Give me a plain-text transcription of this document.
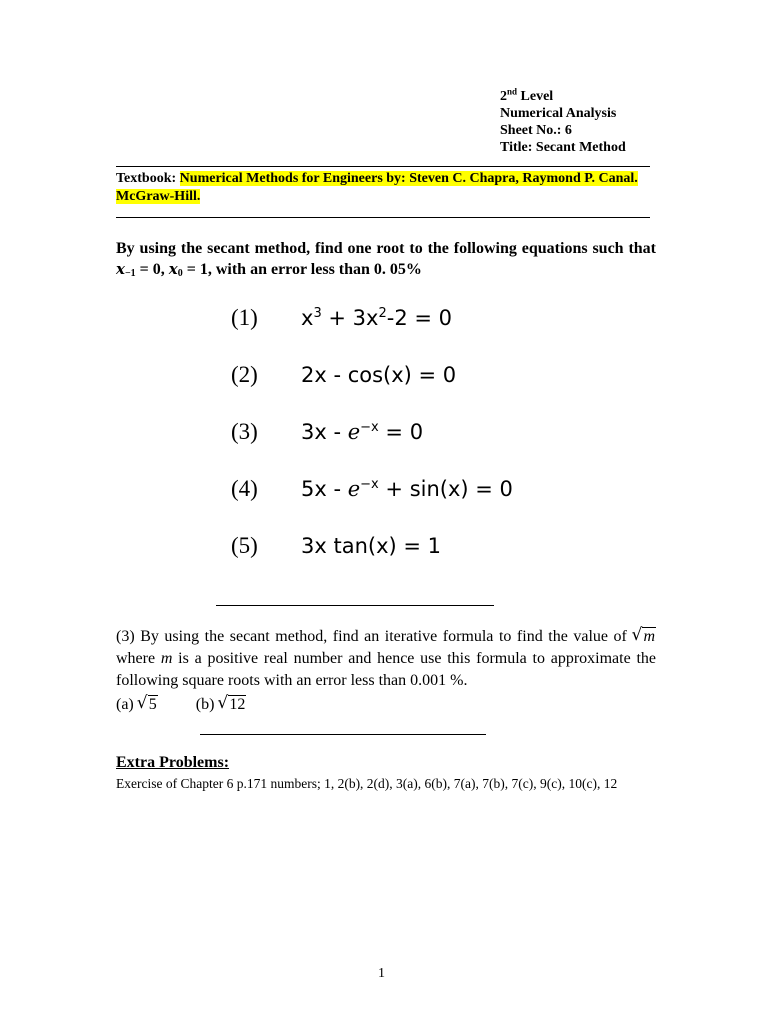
2nd Level
Numerical Analysis
Sheet No.: 6
Title: Secant Method
Textbook: Numerical Methods for Engineers by: Steven C. Chapra, Raymond P. Canal. McGraw-Hill.
By using the secant method, find one root to the following equations such that $x_{-1} = 0$, $x_0 = 1$, with an error less than 0. 05%
(1) $x^3 + 3x^2-2 = 0$
(2) 2x - cos(x) = 0
(3) $3x - e^{-x} = 0$
(4) $5x - e^{-x} + \sin(x) = 0$
(5) 3x tan(x) = 1
(3) By using the secant method, find an iterative formula to find the value of √ m where m is a positive real number and hence use this formula to approximate the following square roots with an error less than 0.001 %.
(a) √ 5 (b) √ 12
Extra Problems:
Exercise of Chapter 6 p.171 numbers; 1, 2(b), 2(d), 3(a), 6(b), 7(a), 7(b), 7(c), 9(c), 10(c), 12
1
